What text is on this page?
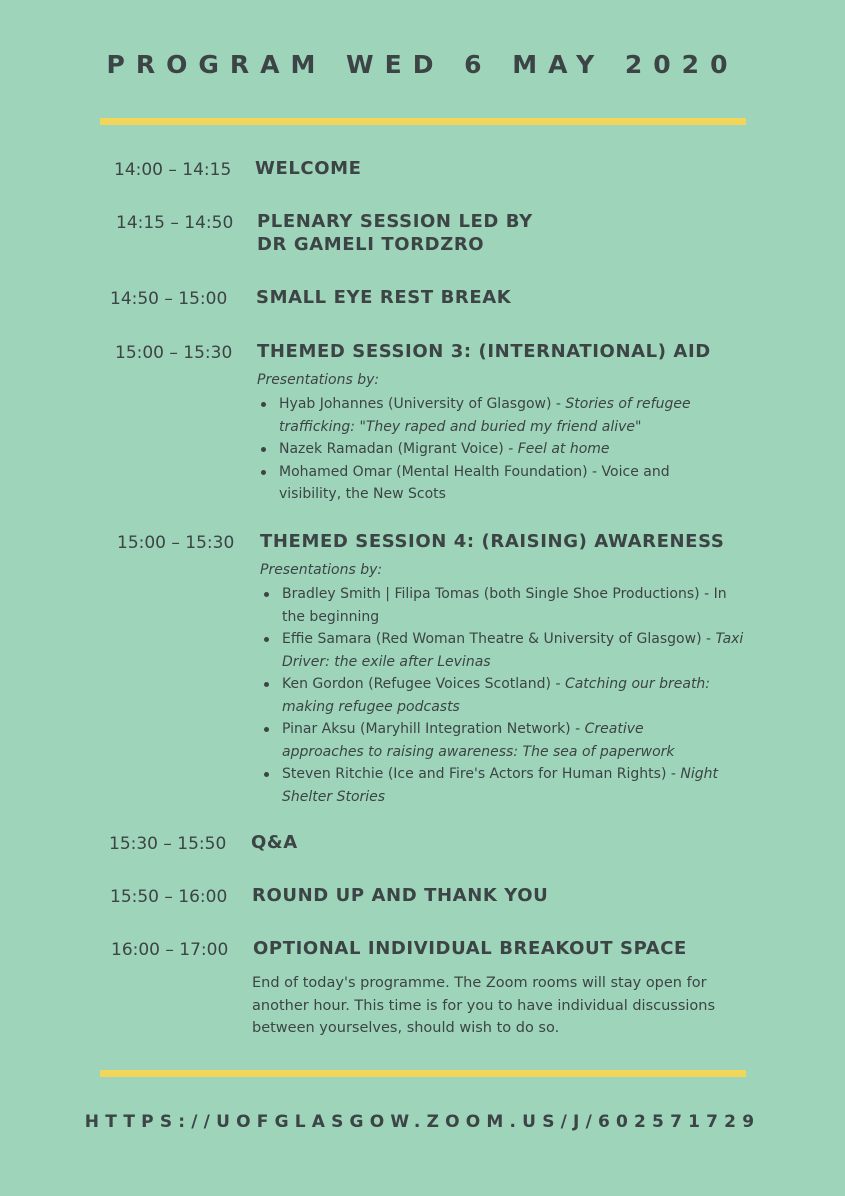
PROGRAM WED 6 MAY 2020
14:00 – 14:15 WELCOME
14:15 – 14:50 PLENARY SESSION LED BY
DR GAMELI TORDZRO
14:50 – 15:00 SMALL EYE REST BREAK
15:00 – 15:30 THEMED SESSION 3: (INTERNATIONAL) AID
Presentations by:
Hyab Johannes (University of Glasgow) - Stories of refugee trafficking: "They raped and buried my friend alive"
Nazek Ramadan (Migrant Voice) - Feel at home
Mohamed Omar (Mental Health Foundation) - Voice and visibility, the New Scots
15:00 – 15:30 THEMED SESSION 4: (RAISING) AWARENESS
Presentations by:
Bradley Smith | Filipa Tomas (both Single Shoe Productions) - In the beginning
Effie Samara (Red Woman Theatre & University of Glasgow) - Taxi Driver: the exile after Levinas
Ken Gordon (Refugee Voices Scotland) - Catching our breath: making refugee podcasts
Pinar Aksu (Maryhill Integration Network) - Creative approaches to raising awareness: The sea of paperwork
Steven Ritchie (Ice and Fire's Actors for Human Rights) - Night Shelter Stories
15:30 – 15:50 Q&A
15:50 – 16:00 ROUND UP AND THANK YOU
16:00 – 17:00 OPTIONAL INDIVIDUAL BREAKOUT SPACE
End of today's programme. The Zoom rooms will stay open for another hour. This time is for you to have individual discussions between yourselves, should wish to do so.
HTTPS://UOFGLASGOW.ZOOM.US/J/602571729
